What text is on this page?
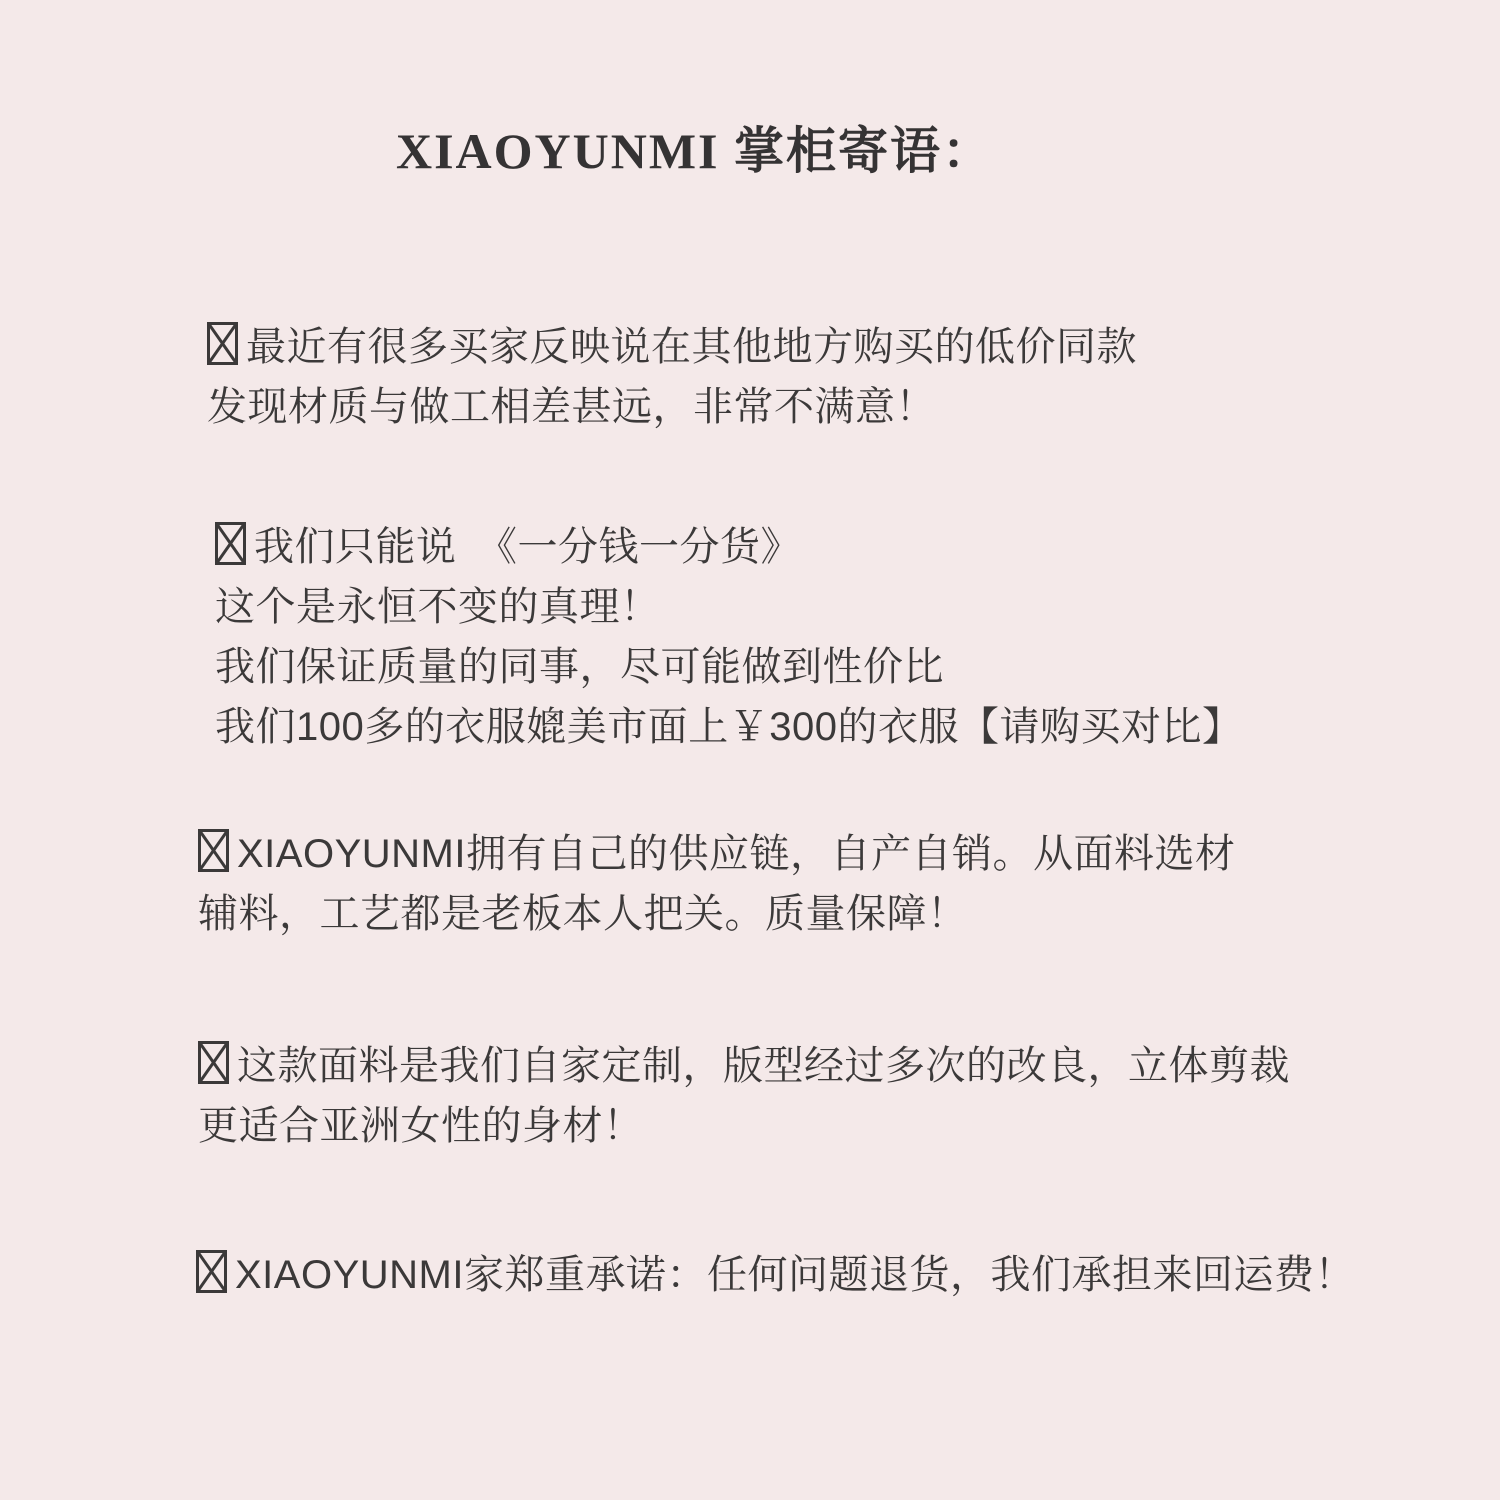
XIAOYUNMI 掌柜寄语：
最近有很多买家反映说在其他地方购买的低价同款
发现材质与做工相差甚远，非常不满意！
我们只能说　《一分钱一分货》
这个是永恒不变的真理！
我们保证质量的同事，尽可能做到性价比
我们100多的衣服媲美市面上￥300的衣服【请购买对比】
XIAOYUNMI拥有自己的供应链，自产自销。从面料选材
辅料，工艺都是老板本人把关。质量保障！
这款面料是我们自家定制，版型经过多次的改良，立体剪裁
更适合亚洲女性的身材！
XIAOYUNMI家郑重承诺：任何问题退货，我们承担来回运费！
